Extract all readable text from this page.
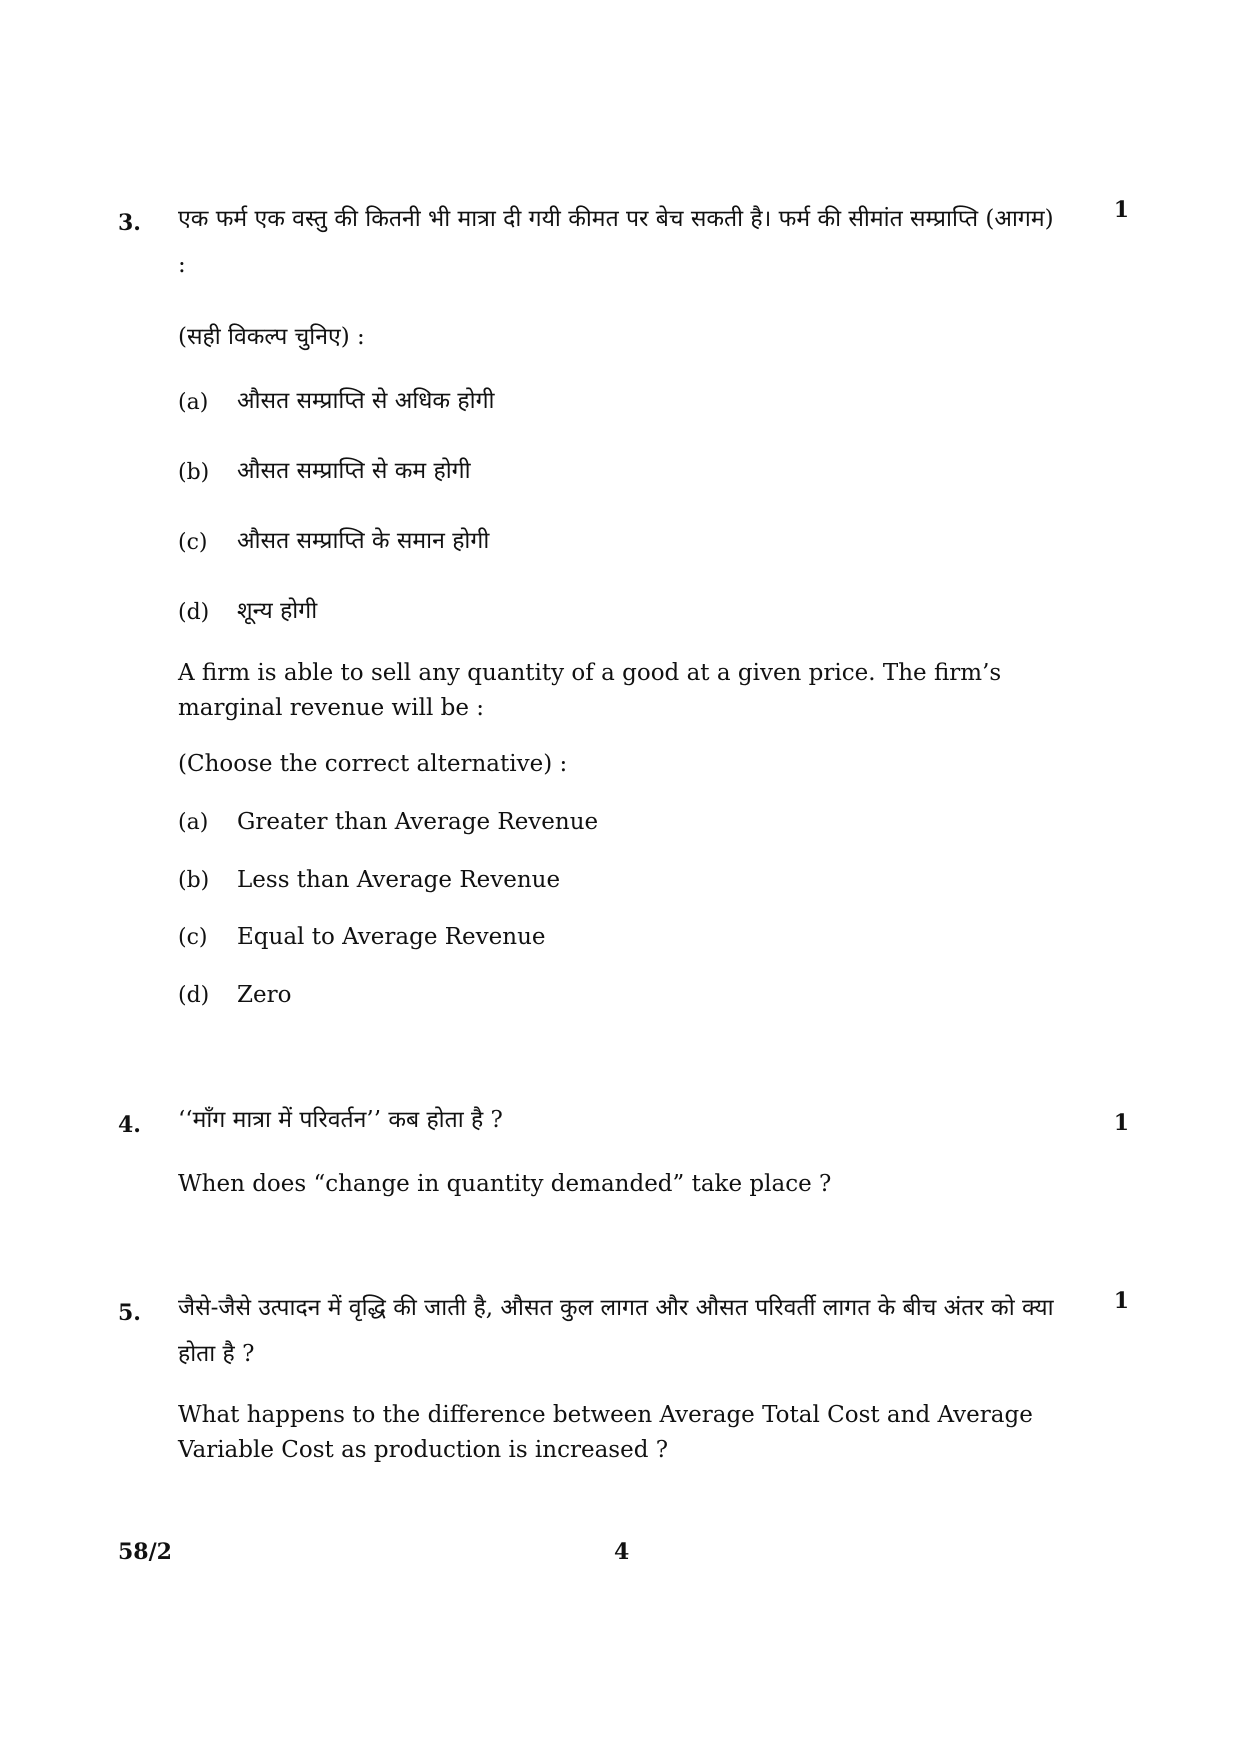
3.	1
एक फर्म एक वस्तु की कितनी भी मात्रा दी गयी कीमत पर बेच सकती है। फर्म की सीमांत सम्प्राप्ति (आगम) :
(सही विकल्प चुनिए) :
(a) औसत सम्प्राप्ति से अधिक होगी
(b) औसत सम्प्राप्ति से कम होगी
(c) औसत सम्प्राप्ति के समान होगी
(d) शून्य होगी
A firm is able to sell any quantity of a good at a given price. The firm’s marginal revenue will be :
(Choose the correct alternative) :
(a) Greater than Average Revenue
(b) Less than Average Revenue
(c) Equal to Average Revenue
(d) Zero
4.	1
‘‘माँग मात्रा में परिवर्तन’’ कब होता है ?
When does “change in quantity demanded” take place ?
5.	1
जैसे-जैसे उत्पादन में वृद्धि की जाती है, औसत कुल लागत और औसत परिवर्ती लागत के बीच अंतर को क्या होता है ?
What happens to the difference between Average Total Cost and Average Variable Cost as production is increased ?
58/2	4
